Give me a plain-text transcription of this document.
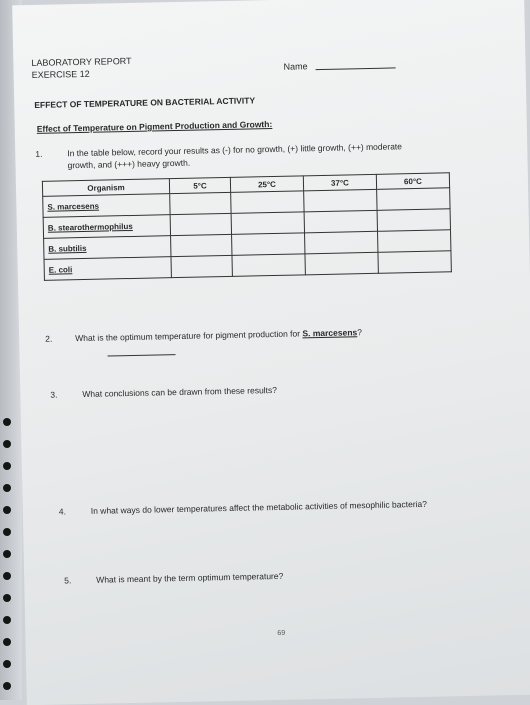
LABORATORY REPORT
EXERCISE 12
Name
EFFECT OF TEMPERATURE ON BACTERIAL ACTIVITY
Effect of Temperature on Pigment Production and Growth:
1.	In the table below, record your results as (-) for no growth, (+) little growth, (++) moderate
growth, and (+++) heavy growth.
Organism	5°C	25°C	37°C	60°C
S. marcesens				
B. stearothermophilus				
B. subtilis				
E. coli				
2.	What is the optimum temperature for pigment production for S. marcesens?
3.	What conclusions can be drawn from these results?
4.	In what ways do lower temperatures affect the metabolic activities of mesophilic bacteria?
5.	What is meant by the term optimum temperature?
69
